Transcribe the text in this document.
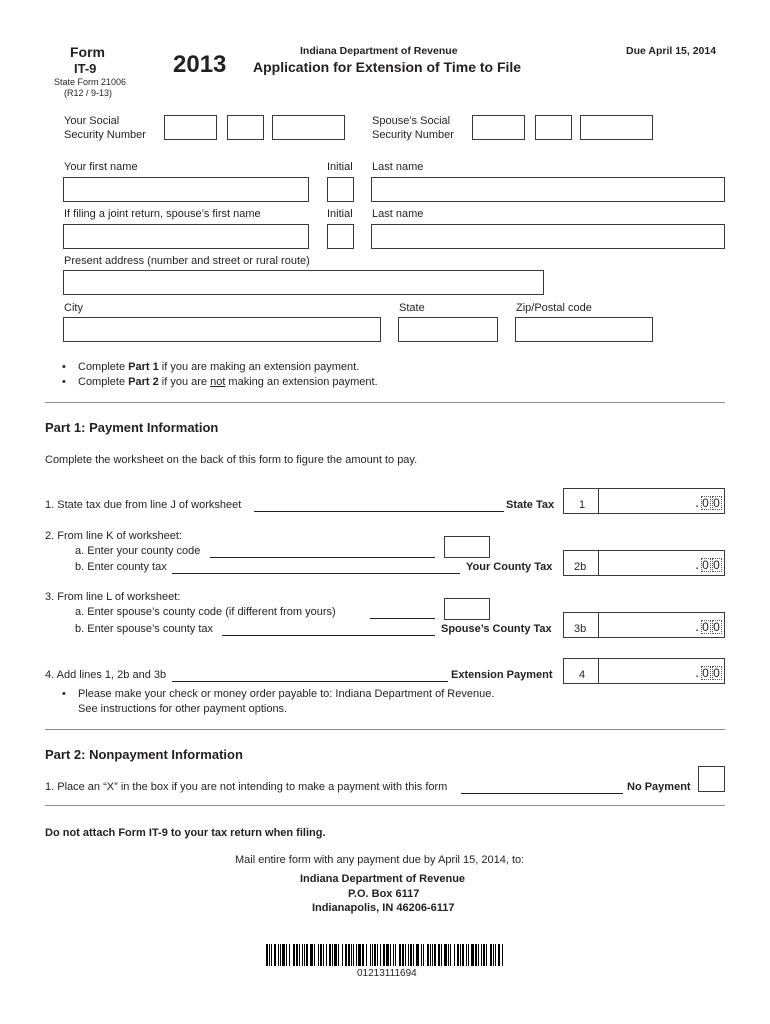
Form
IT-9
State Form 21006
(R12 / 9-13)
2013	Indiana Department of Revenue
Application for Extension of Time to File
Due April 15, 2014
Your Social
Security Number
Spouse’s Social
Security Number
Your first name	Initial Last name
If filing a joint return, spouse’s first name	Initial Last name
Present address (number and street or rural route)
City	State	Zip/Postal code
• Complete Part 1 if you are making an extension payment.
• Complete Part 2 if you are not making an extension payment.
Part 1: Payment Information
Complete the worksheet on the back of this form to figure the amount to pay.
1. State tax due from line J of worksheet	State Tax 1	. 0 0
2. From line K of worksheet:
a. Enter your county code
b. Enter county tax	Your County Tax 2b	. 0 0
3. From line L of worksheet:
a. Enter spouse’s county code (if different from yours)
b. Enter spouse’s county tax	Spouse’s County Tax 3b	. 0 0
4. Add lines 1, 2b and 3b	Extension Payment 4	. 0 0
• Please make your check or money order payable to: Indiana Department of Revenue.
See instructions for other payment options.
Part 2: Nonpayment Information
1. Place an “X” in the box if you are not intending to make a payment with this form	No Payment
Do not attach Form IT-9 to your tax return when filing.
Mail entire form with any payment due by April 15, 2014, to:
Indiana Department of Revenue
P.O. Box 6117
Indianapolis, IN 46206-6117
01213111694
